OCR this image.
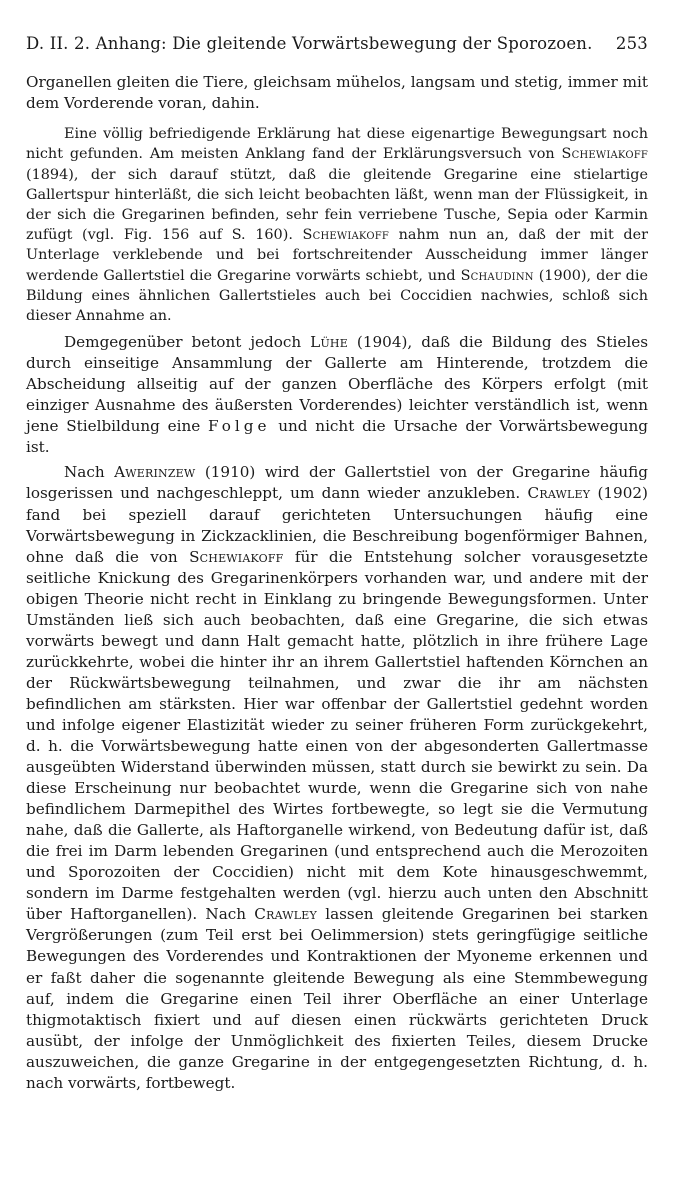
D. II. 2. Anhang: Die gleitende Vorwärtsbewegung der Sporozoen. 253

Organellen gleiten die Tiere, gleichsam mühelos, langsam und stetig, immer mit dem Vorderende voran, dahin.

Eine völlig befriedigende Erklärung hat diese eigenartige Bewegungsart noch nicht gefunden. Am meisten Anklang fand der Erklärungsversuch von Schewiakoff (1894), der sich darauf stützt, daß die gleitende Gregarine eine stielartige Gallertspur hinterläßt, die sich leicht beobachten läßt, wenn man der Flüssigkeit, in der sich die Gregarinen befinden, sehr fein verriebene Tusche, Sepia oder Karmin zufügt (vgl. Fig. 156 auf S. 160). Schewiakoff nahm nun an, daß der mit der Unterlage verklebende und bei fortschreitender Ausscheidung immer länger werdende Gallertstiel die Gregarine vorwärts schiebt, und Schaudinn (1900), der die Bildung eines ähnlichen Gallertstieles auch bei Coccidien nachwies, schloß sich dieser Annahme an.

Demgegenüber betont jedoch Lühe (1904), daß die Bildung des Stieles durch einseitige Ansammlung der Gallerte am Hinterende, trotzdem die Abscheidung allseitig auf der ganzen Oberfläche des Körpers erfolgt (mit einziger Ausnahme des äußersten Vorderendes) leichter verständlich ist, wenn jene Stielbildung eine Folge und nicht die Ursache der Vorwärtsbewegung ist.

Nach Awerinzew (1910) wird der Gallertstiel von der Gregarine häufig losgerissen und nachgeschleppt, um dann wieder anzukleben. Crawley (1902) fand bei speziell darauf gerichteten Untersuchungen häufig eine Vorwärtsbewegung in Zickzacklinien, die Beschreibung bogenförmiger Bahnen, ohne daß die von Schewiakoff für die Entstehung solcher vorausgesetzte seitliche Knickung des Gregarinenkörpers vorhanden war, und andere mit der obigen Theorie nicht recht in Einklang zu bringende Bewegungsformen. Unter Umständen ließ sich auch beobachten, daß eine Gregarine, die sich etwas vorwärts bewegt und dann Halt gemacht hatte, plötzlich in ihre frühere Lage zurückkehrte, wobei die hinter ihr an ihrem Gallertstiel haftenden Körnchen an der Rückwärtsbewegung teilnahmen, und zwar die ihr am nächsten befindlichen am stärksten. Hier war offenbar der Gallertstiel gedehnt worden und infolge eigener Elastizität wieder zu seiner früheren Form zurückgekehrt, d. h. die Vorwärtsbewegung hatte einen von der abgesonderten Gallertmasse ausgeübten Widerstand überwinden müssen, statt durch sie bewirkt zu sein. Da diese Erscheinung nur beobachtet wurde, wenn die Gregarine sich von nahe befindlichem Darmepithel des Wirtes fortbewegte, so legt sie die Vermutung nahe, daß die Gallerte, als Haftorganelle wirkend, von Bedeutung dafür ist, daß die frei im Darm lebenden Gregarinen (und entsprechend auch die Merozoiten und Sporozoiten der Coccidien) nicht mit dem Kote hinausgeschwemmt, sondern im Darme festgehalten werden (vgl. hierzu auch unten den Abschnitt über Haftorganellen). Nach Crawley lassen gleitende Gregarinen bei starken Vergrößerungen (zum Teil erst bei Oelimmersion) stets geringfügige seitliche Bewegungen des Vorderendes und Kontraktionen der Myoneme erkennen und er faßt daher die sogenannte gleitende Bewegung als eine Stemmbewegung auf, indem die Gregarine einen Teil ihrer Oberfläche an einer Unterlage thigmotaktisch fixiert und auf diesen einen rückwärts gerichteten Druck ausübt, der infolge der Unmöglichkeit des fixierten Teiles, diesem Drucke auszuweichen, die ganze Gregarine in der entgegengesetzten Richtung, d. h. nach vorwärts, fortbewegt.
